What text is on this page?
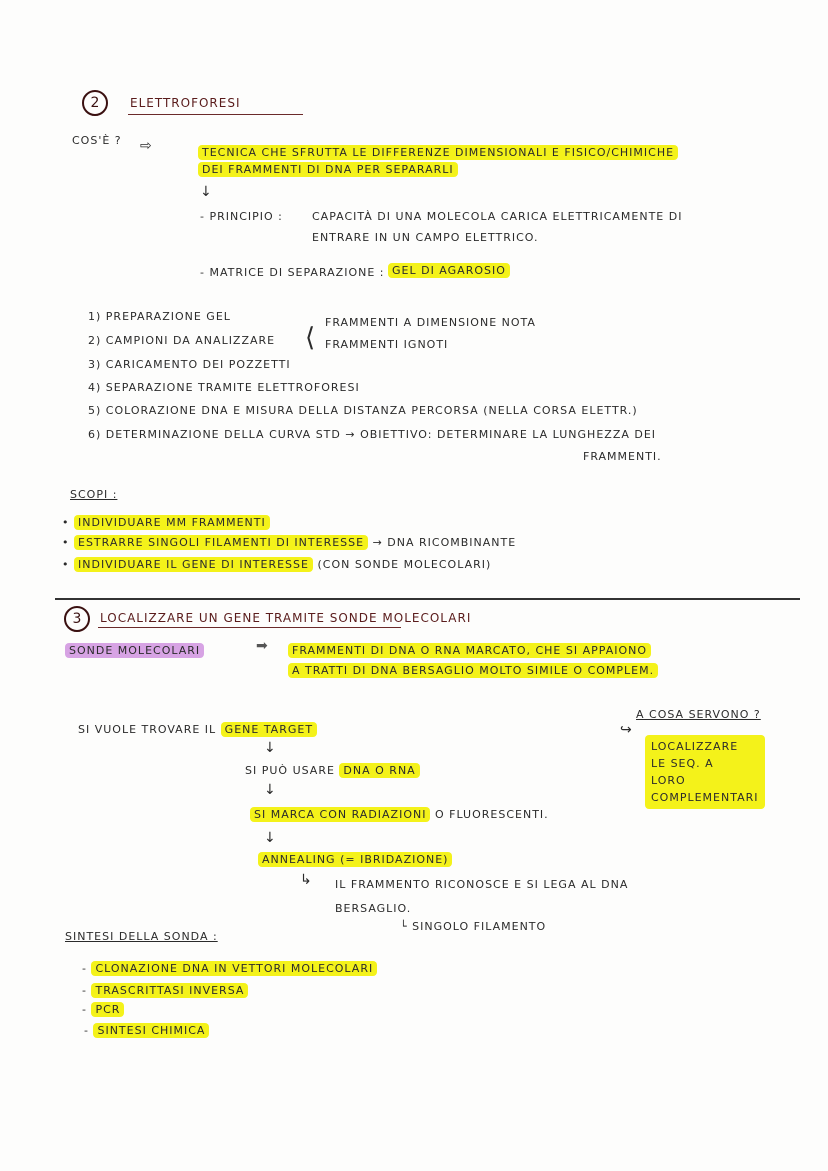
2	ELETTROFORESI
COS'È ? ⇨	TECNICA CHE SFRUTTA LE DIFFERENZE DIMENSIONALI E FISICO/CHIMICHE
DEI FRAMMENTI DI DNA PER SEPARARLI
↓
- PRINCIPIO :	CAPACITÀ DI UNA MOLECOLA CARICA ELETTRICAMENTE DI
ENTRARE IN UN CAMPO ELETTRICO.
- MATRICE DI SEPARAZIONE : GEL DI AGAROSIO
1) PREPARAZIONE GEL
2) CAMPIONI DA ANALIZZARE ⟨
FRAMMENTI A DIMENSIONE NOTA
FRAMMENTI IGNOTI
3) CARICAMENTO DEI POZZETTI
4) SEPARAZIONE TRAMITE ELETTROFORESI
5) COLORAZIONE DNA E MISURA DELLA DISTANZA PERCORSA (NELLA CORSA ELETTR.)
6) DETERMINAZIONE DELLA CURVA STD → OBIETTIVO: DETERMINARE LA LUNGHEZZA DEI
FRAMMENTI.
SCOPI :
• INDIVIDUARE MM FRAMMENTI
• ESTRARRE SINGOLI FILAMENTI DI INTERESSE → DNA RICOMBINANTE
• INDIVIDUARE IL GENE DI INTERESSE (CON SONDE MOLECOLARI)
3	LOCALIZZARE UN GENE TRAMITE SONDE MOLECOLARI
SONDE MOLECOLARI	➡	FRAMMENTI DI DNA O RNA MARCATO, CHE SI APPAIONO
A TRATTI DI DNA BERSAGLIO MOLTO SIMILE O COMPLEM.
SI VUOLE TROVARE IL GENE TARGET
↓
SI PUÒ USARE DNA O RNA
↓
SI MARCA CON RADIAZIONI O FLUORESCENTI.
↓
ANNEALING (= IBRIDAZIONE)
↳ IL FRAMMENTO RICONOSCE E SI LEGA AL DNA
BERSAGLIO.
└ SINGOLO FILAMENTO
A COSA SERVONO ?
↪
LOCALIZZARE
LE SEQ. A
LORO
COMPLEMENTARI
SINTESI DELLA SONDA :
- CLONAZIONE DNA IN VETTORI MOLECOLARI
- TRASCRITTASI INVERSA
- PCR
- SINTESI CHIMICA
